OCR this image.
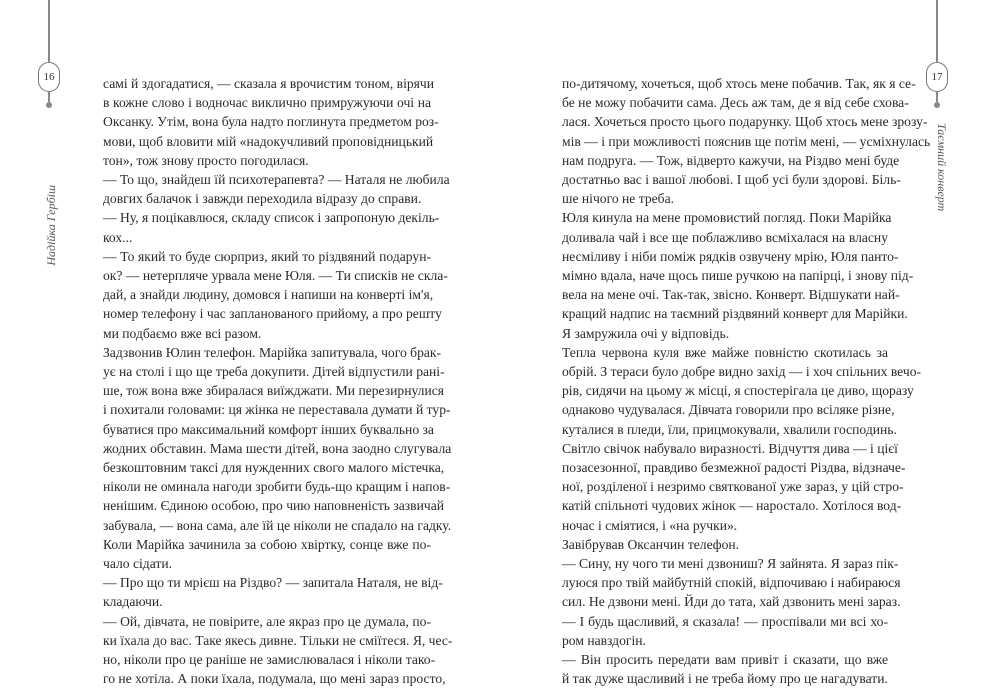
16
Надійка Гербіш

самі й здогадатися, — сказала я врочистим тоном, вірячи

в кожне слово і водночас виклично примружуючи очі на

Оксанку. Утім, вона була надто поглинута предметом роз-

мови, щоб вловити мій «надокучливий проповідницький

тон», тож знову просто погодилася.

— То що, знайдеш їй психотерапевта? — Наталя не любила

довгих балачок і завжди переходила відразу до справи.

— Ну, я поцікавлюся, складу список і запропоную декіль-

кох...

— То який то буде сюрприз, який то різдвяний подарун-

ок? — нетерпляче урвала мене Юля. — Ти списків не скла-

дай, а знайди людину, домовся і напиши на конверті ім'я,

номер телефону і час запланованого прийому, а про решту

ми подбаємо вже всі разом.

Задзвонив Юлин телефон. Марійка запитувала, чого брак-

ує на столі і що ще треба докупити. Дітей відпустили рані-

ше, тож вона вже збиралася виїжджати. Ми перезирнулися

і похитали головами: ця жінка не переставала думати й тур-

буватися про максимальний комфорт інших буквально за

жодних обставин. Мама шести дітей, вона заодно слугувала

безкоштовним таксі для нужденних свого малого містечка,

ніколи не оминала нагоди зробити будь-що кращим і напов-

ненішим. Єдиною особою, про чию наповненість зазвичай

забувала, — вона сама, але їй це ніколи не спадало на гадку.

Коли Марійка зачинила за собою хвіртку, сонце вже по-

чало сідати.

— Про що ти мрієш на Різдво? — запитала Наталя, не від-

кладаючи.

— Ой, дівчата, не повірите, але якраз про це думала, по-

ки їхала до вас. Таке якесь дивне. Тільки не сміїтеся. Я, чес-

но, ніколи про це раніше не замислювалася і ніколи тако-

го не хотіла. А поки їхала, подумала, що мені зараз просто,

17
Таємний конверт

по-дитячому, хочеться, щоб хтось мене побачив. Так, як я се-

бе не можу побачити сама. Десь аж там, де я від себе схова-

лася. Хочеться просто цього подарунку. Щоб хтось мене зрозу-

мів — і при можливості пояснив ще потім мені, — усміхнулась

нам подруга. — Тож, відверто кажучи, на Різдво мені буде

достатньо вас і вашої любові. І щоб усі були здорові. Біль-

ше нічого не треба.

Юля кинула на мене промовистий погляд. Поки Марійка

доливала чай і все ще поблажливо всміхалася на власну

несміливу і ніби поміж рядків озвучену мрію, Юля панто-

мімно вдала, наче щось пише ручкою на папірці, і знову під-

вела на мене очі. Так-так, звісно. Конверт. Відшукати най-

кращий надпис на таємний різдвяний конверт для Марійки.

Я замружила очі у відповідь.

Тепла червона куля вже майже повністю скотилась за

обрій. З тераси було добре видно захід — і хоч спільних вечо-

рів, сидячи на цьому ж місці, я спостерігала це диво, щоразу

однаково чудувалася. Дівчата говорили про всілякe різне,

куталися в пледи, їли, прицмокували, хвалили господинь.

Світло свічок набувало виразності. Відчуття дива — і цієї

позасезонної, правдиво безмежної радості Різдва, відзначе-

ної, розділеної і незримо святкованої уже зараз, у цій стро-

катій спільноті чудових жінок — наростало. Хотілося вод-

ночас і сміятися, і «на ручки».

Завібрував Оксанчин телефон.

— Сину, ну чого ти мені дзвониш? Я зайнята. Я зараз пік-

луюся про твій майбутній спокій, відпочиваю і набираюся

сил. Не дзвони мені. Йди до тата, хай дзвонить мені зараз.

— І будь щасливий, я сказала! — проспівали ми всі хо-

ром навздогін.

— Він просить передати вам привіт і сказати, що вже

й так дуже щасливий і не треба йому про це нагадувати.
